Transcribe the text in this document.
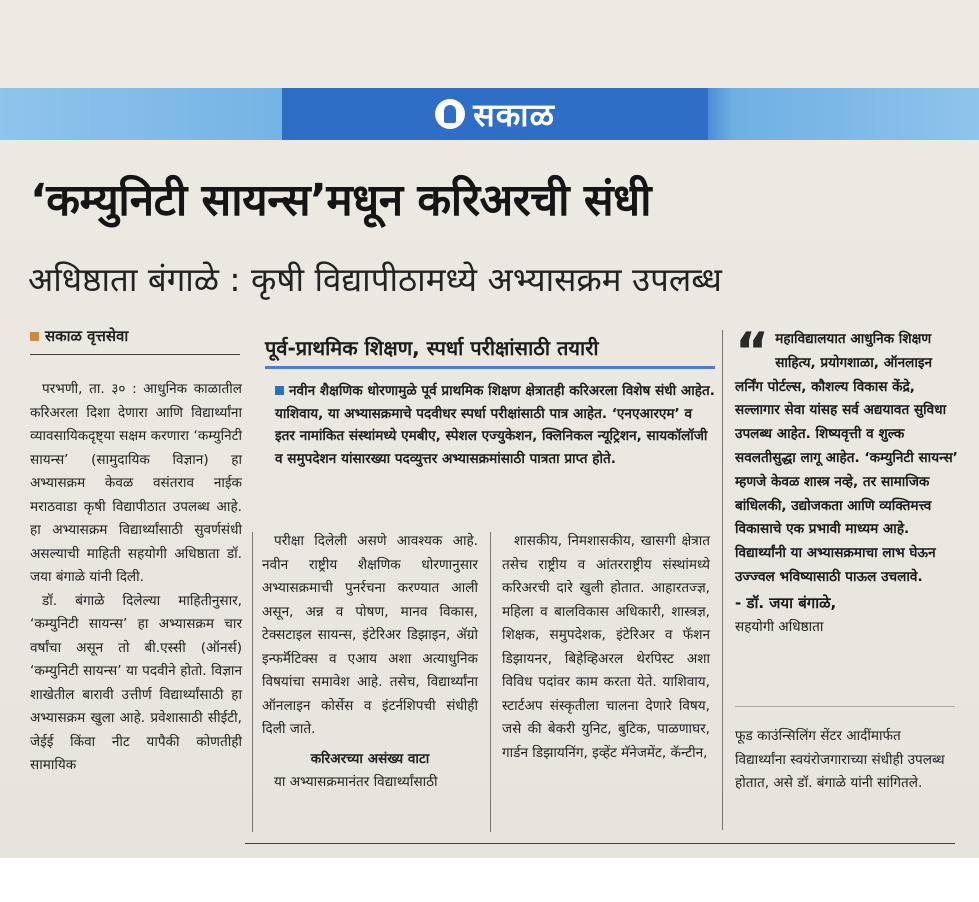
सकाळ
‘कम्युनिटी सायन्स’मधून करिअरची संधी
अधिष्ठाता बंगाळे : कृषी विद्यापीठामध्ये अभ्यासक्रम उपलब्ध
सकाळ वृत्तसेवा	पूर्व-प्राथमिक शिक्षण, स्पर्धा परीक्षांसाठी तयारी
नवीन शैक्षणिक धोरणामुळे पूर्व प्राथमिक शिक्षण क्षेत्रातही करिअरला विशेष संधी आहेत. याशिवाय, या अभ्यासक्रमाचे पदवीधर स्पर्धा परीक्षांसाठी पात्र आहेत. ‘एनएआरएम’ व इतर नामांकित संस्थांमध्ये एमबीए, स्पेशल एज्युकेशन, क्लिनिकल न्यूट्रिशन, सायकॉलॉजी व समुपदेशन यांसारख्या पदव्युत्तर अभ्यासक्रमांसाठी पात्रता प्राप्त होते.

परभणी, ता. ३० : आधुनिक काळातील करिअरला दिशा देणारा आणि विद्यार्थ्यांना व्यावसायिकदृष्ट्या सक्षम करणारा ‘कम्युनिटी सायन्स’ (सामुदायिक विज्ञान) हा अभ्यासक्रम केवळ वसंतराव नाईक मराठवाडा कृषी विद्यापीठात उपलब्ध आहे. हा अभ्यासक्रम विद्यार्थ्यांसाठी सुवर्णसंधी असल्याची माहिती सहयोगी अधिष्ठाता डॉ. जया बंगाळे यांनी दिली.

डॉ. बंगाळे दिलेल्या माहितीनुसार, ‘कम्युनिटी सायन्स’ हा अभ्यासक्रम चार वर्षांचा असून तो बी.एस्सी (ऑनर्स) ‘कम्युनिटी सायन्स’ या पदवीने होतो. विज्ञान शाखेतील बारावी उत्तीर्ण विद्यार्थ्यांसाठी हा अभ्यासक्रम खुला आहे. प्रवेशासाठी सीईटी, जेईई किंवा नीट यापैकी कोणतीही सामायिक

परीक्षा दिलेली असणे आवश्यक आहे. नवीन राष्ट्रीय शैक्षणिक धोरणानुसार अभ्यासक्रमाची पुनर्रचना करण्यात आली असून, अन्न व पोषण, मानव विकास, टेक्सटाइल सायन्स, इंटेरिअर डिझाइन, ॲग्रो इन्फर्मॅटिक्स व एआय अशा अत्याधुनिक विषयांचा समावेश आहे. तसेच, विद्यार्थ्यांना ऑनलाइन कोर्सेस व इंटर्नशिपची संधीही दिली जाते.

करिअरच्या असंख्य वाटा

या अभ्यासक्रमानंतर विद्यार्थ्यांसाठी

शासकीय, निमशासकीय, खासगी क्षेत्रात तसेच राष्ट्रीय व आंतरराष्ट्रीय संस्थांमध्ये करिअरची दारे खुली होतात. आहारतज्ज्ञ, महिला व बालविकास अधिकारी, शास्त्रज्ञ, शिक्षक, समुपदेशक, इंटेरिअर व फॅशन डिझायनर, बिहेव्हिअरल थेरपिस्ट अशा विविध पदांवर काम करता येते. याशिवाय, स्टार्टअप संस्कृतीला चालना देणारे विषय, जसे की बेकरी युनिट, बुटिक, पाळणाघर, गार्डन डिझायनिंग, इव्हेंट मॅनेजमेंट, कॅन्टीन,

“ महाविद्यालयात आधुनिक शिक्षण साहित्य, प्रयोगशाळा, ऑनलाइन लर्निंग पोर्टल्स, कौशल्य विकास केंद्रे, सल्लागार सेवा यांसह सर्व अद्ययावत सुविधा उपलब्ध आहेत. शिष्यवृत्ती व शुल्क सवलतीसुद्धा लागू आहेत. ‘कम्युनिटी सायन्स’ म्हणजे केवळ शास्त्र नव्हे, तर सामाजिक बांधिलकी, उद्योजकता आणि व्यक्तिमत्त्व विकासाचे एक प्रभावी माध्यम आहे. विद्यार्थ्यांनी या अभ्यासक्रमाचा लाभ घेऊन उज्ज्वल भविष्यासाठी पाऊल उचलावे.

- डॉ. जया बंगाळे,

सहयोगी अधिष्ठाता

फूड काउंन्सिलिंग सेंटर आदींमार्फत विद्यार्थ्यांना स्वयंरोजगाराच्या संधीही उपलब्ध होतात, असे डॉ. बंगाळे यांनी सांगितले.
